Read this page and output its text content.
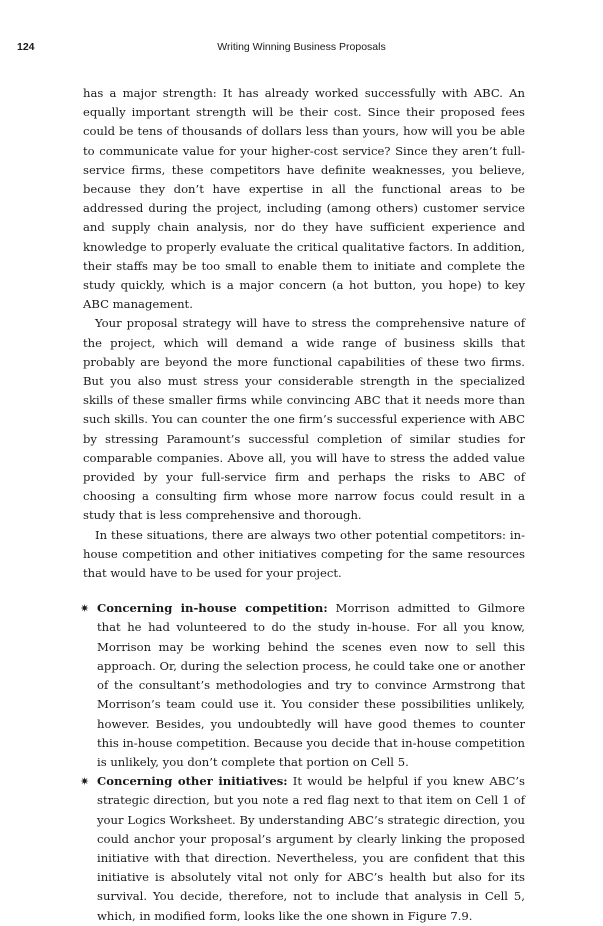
124	Writing Winning Business Proposals

has a major strength: It has already worked successfully with ABC. An equally important strength will be their cost. Since their proposed fees could be tens of thousands of dollars less than yours, how will you be able to communicate value for your higher-cost service? Since they aren’t full-service firms, these competitors have definite weaknesses, you believe, because they don’t have expertise in all the functional areas to be addressed during the project, including (among others) customer service and supply chain analysis, nor do they have sufficient experience and knowledge to properly evaluate the critical qualitative factors. In addition, their staffs may be too small to enable them to initiate and complete the study quickly, which is a major concern (a hot button, you hope) to key ABC management.

Your proposal strategy will have to stress the comprehensive nature of the project, which will demand a wide range of business skills that probably are beyond the more functional capabilities of these two firms. But you also must stress your considerable strength in the specialized skills of these smaller firms while convincing ABC that it needs more than such skills. You can counter the one firm’s successful experience with ABC by stressing Paramount’s successful completion of similar studies for comparable companies. Above all, you will have to stress the added value provided by your full-service firm and perhaps the risks to ABC of choosing a consulting firm whose more narrow focus could result in a study that is less comprehensive and thorough.

In these situations, there are always two other potential competitors: in-house competition and other initiatives competing for the same resources that would have to be used for your project.

✷ Concerning in-house competition: Morrison admitted to Gilmore that he had volunteered to do the study in-house. For all you know, Morrison may be working behind the scenes even now to sell this approach. Or, during the selection process, he could take one or another of the consultant’s methodologies and try to convince Armstrong that Morrison’s team could use it. You consider these possibilities unlikely, however. Besides, you undoubtedly will have good themes to counter this in-house competition. Because you decide that in-house competition is unlikely, you don’t complete that portion on Cell 5.
✷ Concerning other initiatives: It would be helpful if you knew ABC’s strategic direction, but you note a red flag next to that item on Cell 1 of your Logics Worksheet. By understanding ABC’s strategic direction, you could anchor your proposal’s argument by clearly linking the proposed initiative with that direction. Nevertheless, you are confident that this initiative is absolutely vital not only for ABC’s health but also for its survival. You decide, therefore, not to include that analysis in Cell 5, which, in modified form, looks like the one shown in Figure 7.9.
